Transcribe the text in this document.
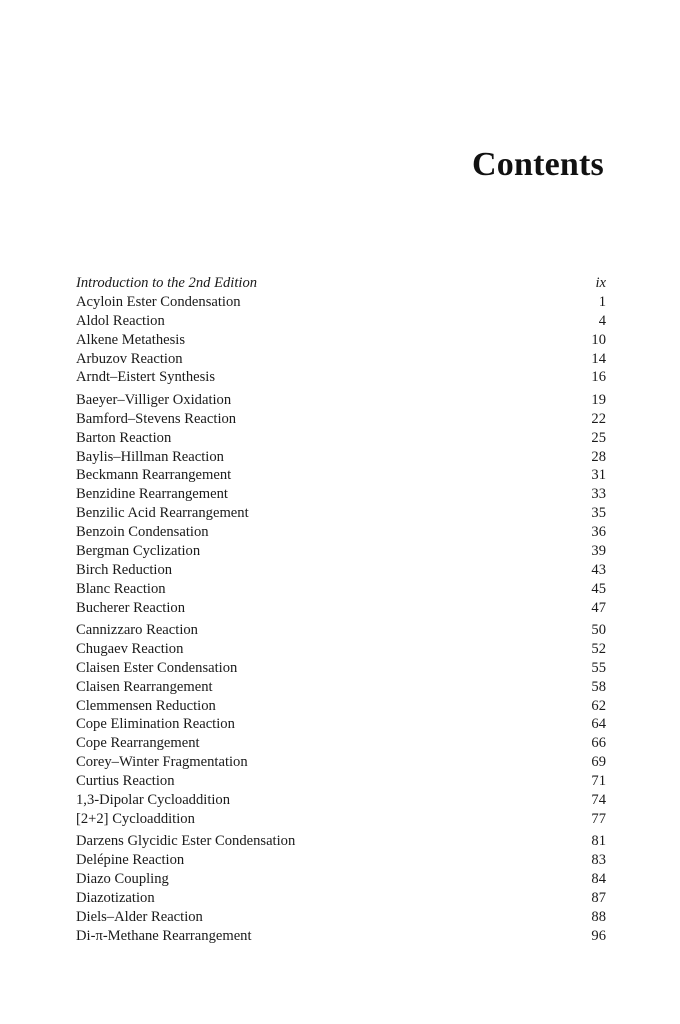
Contents
Introduction to the 2nd Edition	ix
Acyloin Ester Condensation	1
Aldol Reaction	4
Alkene Metathesis	10
Arbuzov Reaction	14
Arndt–Eistert Synthesis	16
Baeyer–Villiger Oxidation	19
Bamford–Stevens Reaction	22
Barton Reaction	25
Baylis–Hillman Reaction	28
Beckmann Rearrangement	31
Benzidine Rearrangement	33
Benzilic Acid Rearrangement	35
Benzoin Condensation	36
Bergman Cyclization	39
Birch Reduction	43
Blanc Reaction	45
Bucherer Reaction	47
Cannizzaro Reaction	50
Chugaev Reaction	52
Claisen Ester Condensation	55
Claisen Rearrangement	58
Clemmensen Reduction	62
Cope Elimination Reaction	64
Cope Rearrangement	66
Corey–Winter Fragmentation	69
Curtius Reaction	71
1,3-Dipolar Cycloaddition	74
[2+2] Cycloaddition	77
Darzens Glycidic Ester Condensation	81
Delépine Reaction	83
Diazo Coupling	84
Diazotization	87
Diels–Alder Reaction	88
Di-π-Methane Rearrangement	96
